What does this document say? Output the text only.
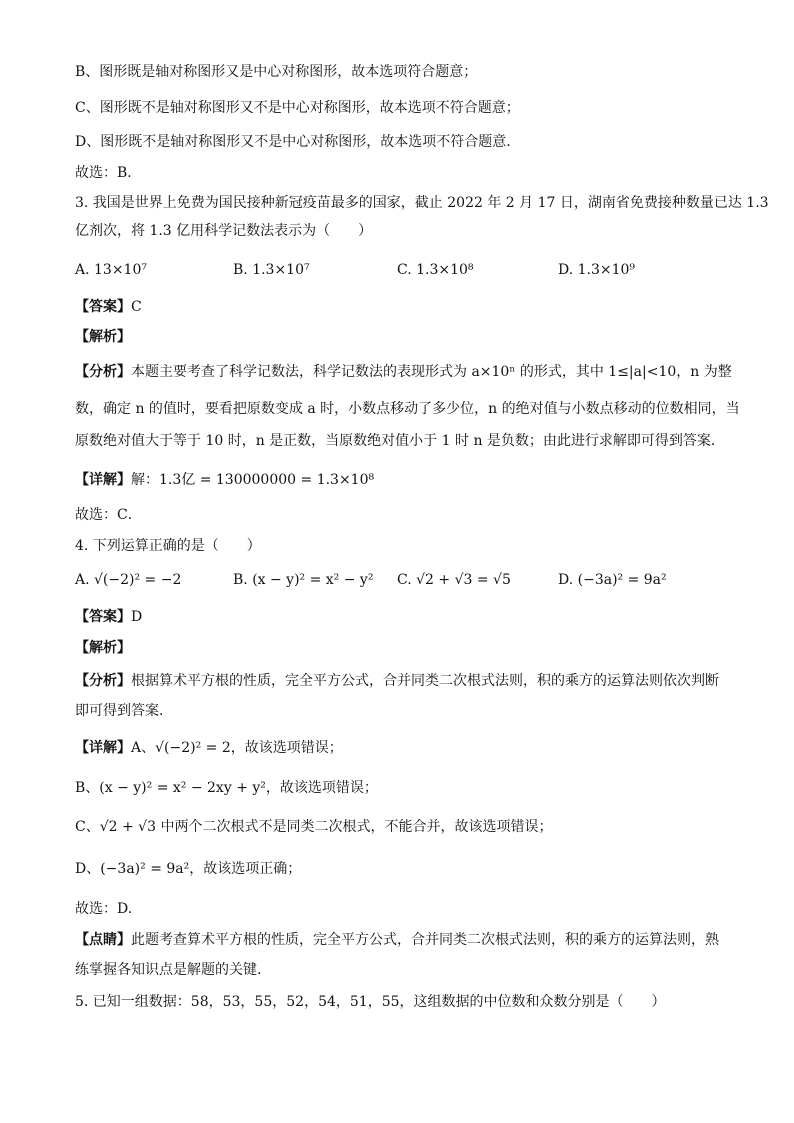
B、图形既是轴对称图形又是中心对称图形，故本选项符合题意；
C、图形既不是轴对称图形又不是中心对称图形，故本选项不符合题意；
D、图形既不是轴对称图形又不是中心对称图形，故本选项不符合题意．
故选：B．
3. 我国是世界上免费为国民接种新冠疫苗最多的国家，截止 2022 年 2 月 17 日，湖南省免费接种数量已达 1.3
亿剂次，将 1.3 亿用科学记数法表示为（　　）
A. 13×10⁷	B. 1.3×10⁷	C. 1.3×10⁸	D. 1.3×10⁹
【答案】C
【解析】
【分析】本题主要考查了科学记数法，科学记数法的表现形式为 a×10ⁿ 的形式，其中 1≤|a|<10，n 为整
数，确定 n 的值时，要看把原数变成 a 时，小数点移动了多少位，n 的绝对值与小数点移动的位数相同，当
原数绝对值大于等于 10 时，n 是正数，当原数绝对值小于 1 时 n 是负数；由此进行求解即可得到答案．
【详解】解：1.3亿 = 130000000 = 1.3×10⁸
故选：C．
4. 下列运算正确的是（　　）
A. √(−2)² = −2	B. (x − y)² = x² − y² C. √2 + √3 = √5	D. (−3a)² = 9a²
【答案】D
【解析】
【分析】根据算术平方根的性质，完全平方公式，合并同类二次根式法则，积的乘方的运算法则依次判断
即可得到答案.
【详解】A、√(−2)² = 2，故该选项错误；
B、(x − y)² = x² − 2xy + y²，故该选项错误；
C、√2 + √3 中两个二次根式不是同类二次根式，不能合并，故该选项错误；
D、(−3a)² = 9a²，故该选项正确；
故选：D.
【点睛】此题考查算术平方根的性质，完全平方公式，合并同类二次根式法则，积的乘方的运算法则，熟
练掌握各知识点是解题的关键.
5. 已知一组数据：58，53，55，52，54，51，55，这组数据的中位数和众数分别是（　　）
